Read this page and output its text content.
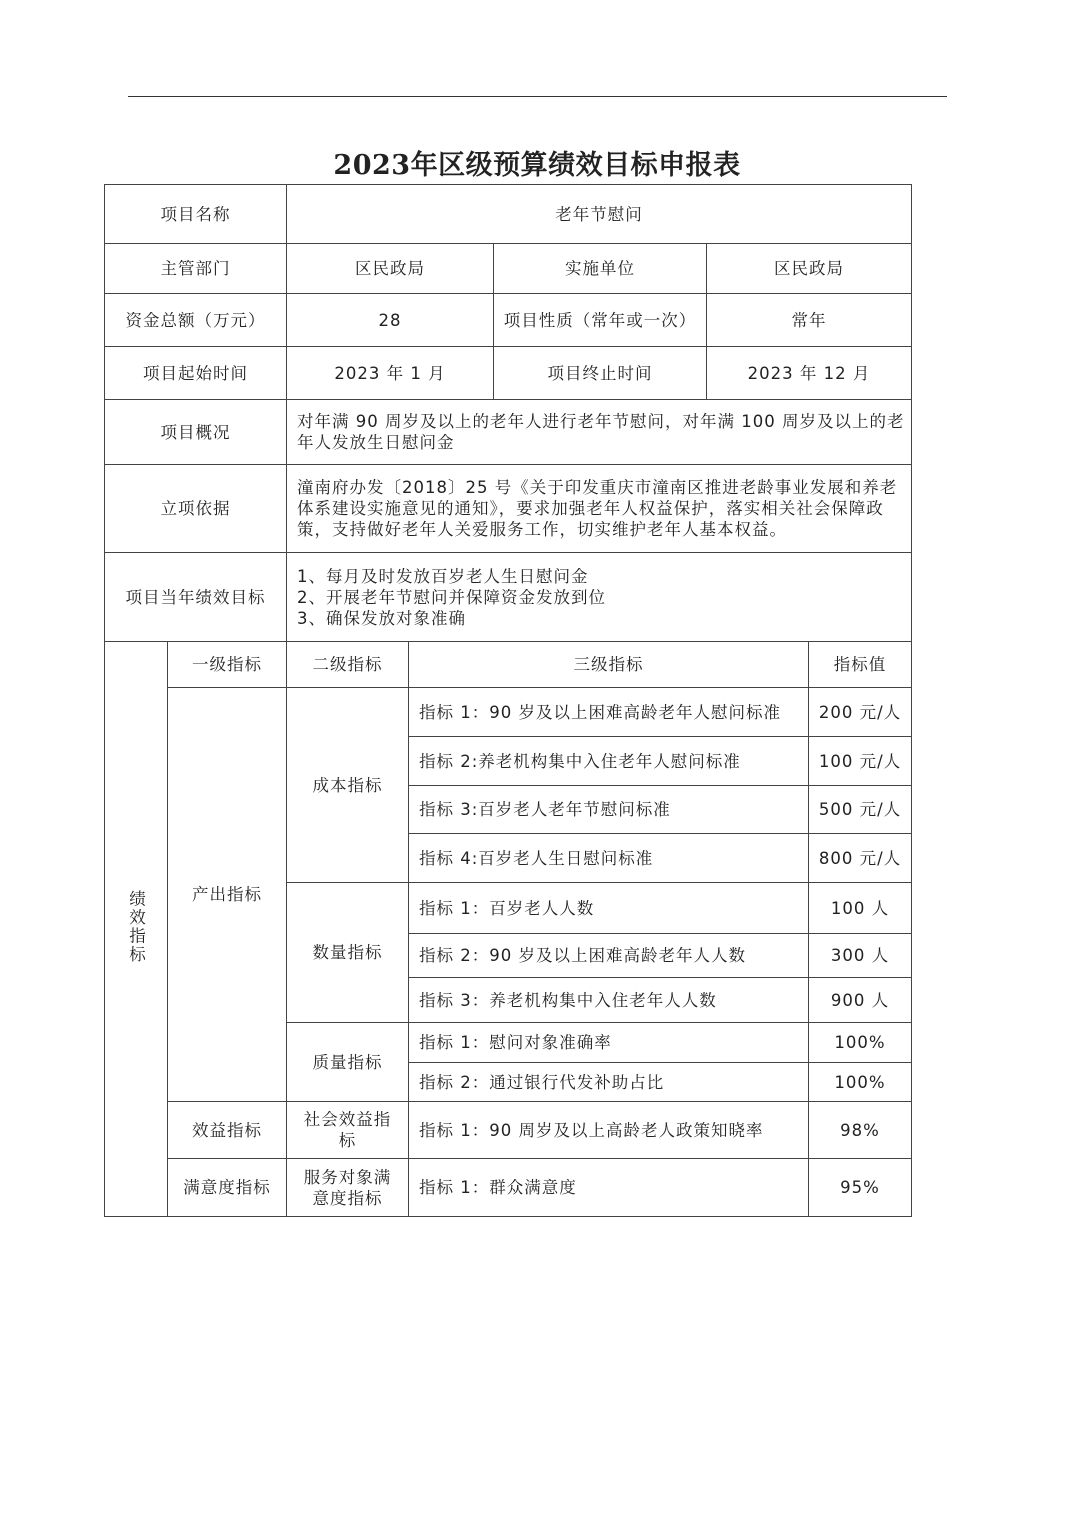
2023年区级预算绩效目标申报表
项目名称		老年节慰问				
主管部门		区民政局		实施单位	区民政局	
资金总额（万元）		28		项目性质（常年或一次）	常年	
项目起始时间		2023 年 1 月		项目终止时间	2023 年 12 月	
项目概况		对年满 90 周岁及以上的老年人进行老年节慰问，对年满 100 周岁及以上的老年人发放生日慰问金				
立项依据		潼南府办发〔2018〕25 号《关于印发重庆市潼南区推进老龄事业发展和养老体系建设实施意见的通知》，要求加强老年人权益保护，落实相关社会保障政策，支持做好老年人关爱服务工作，切实维护老年人基本权益。				
项目当年绩效目标		1、每月及时发放百岁老人生日慰问金
2、开展老年节慰问并保障资金发放到位
3、确保发放对象准确				

绩效指标	一级指标	二级指标	三级指标			指标值
	产出指标	成本指标	指标 1：90 岁及以上困难高龄老年人慰问标准			200 元/人
			指标 2:养老机构集中入住老年人慰问标准			100 元/人
			指标 3:百岁老人老年节慰问标准			500 元/人
			指标 4:百岁老人生日慰问标准			800 元/人
		数量指标	指标 1：百岁老人人数			100 人
			指标 2：90 岁及以上困难高龄老年人人数			300 人
			指标 3：养老机构集中入住老年人人数			900 人
		质量指标	指标 1：慰问对象准确率			100%
			指标 2：通过银行代发补助占比			100%
	效益指标	社会效益指标	指标 1：90 周岁及以上高龄老人政策知晓率			98%
	满意度指标	服务对象满意度指标	指标 1：群众满意度			95%
